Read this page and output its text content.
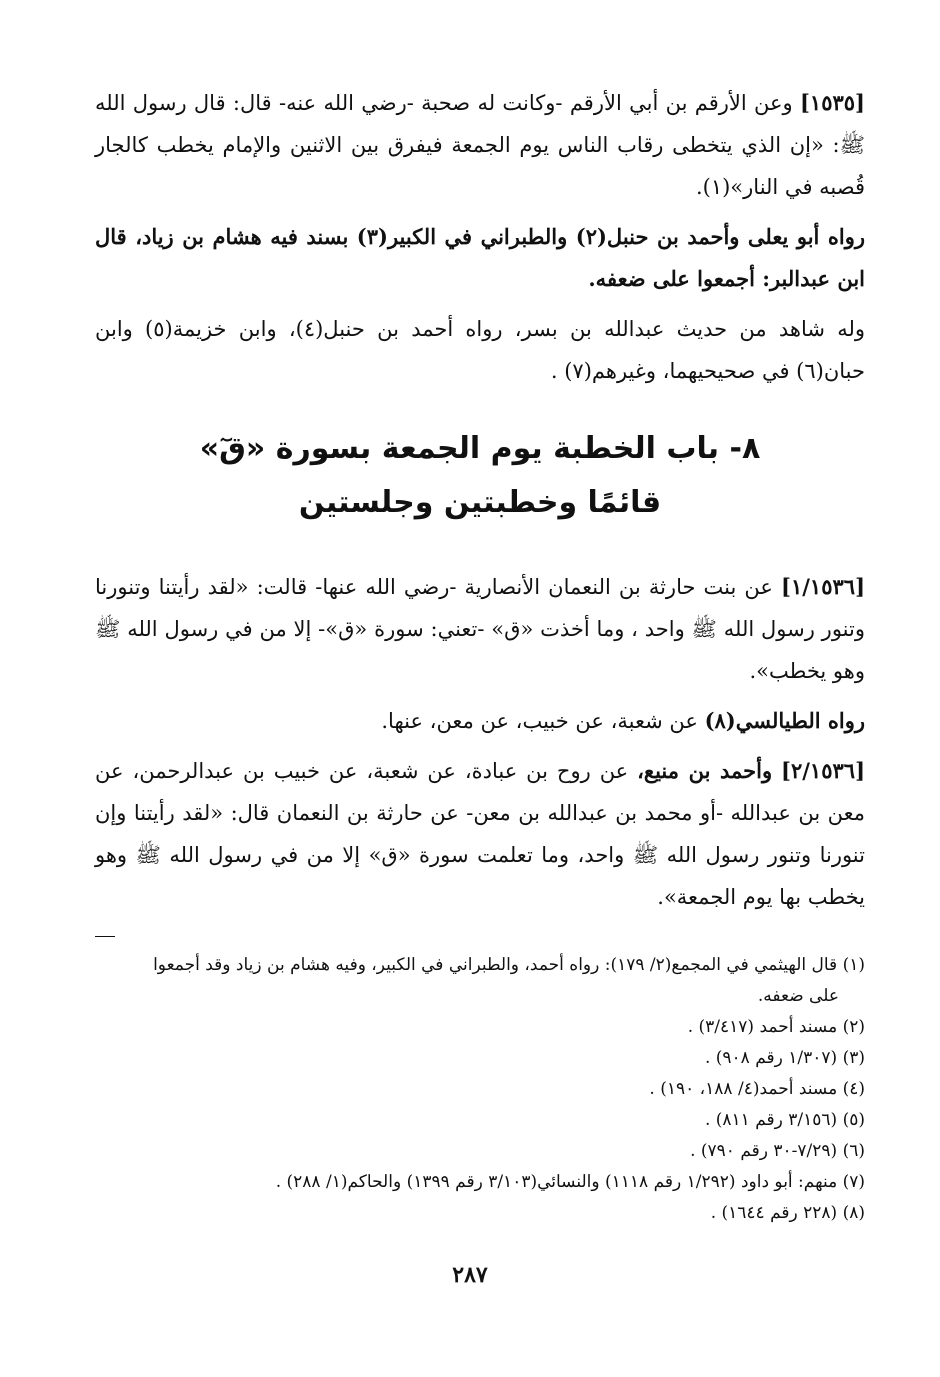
[١٥٣٥] وعن الأرقم بن أبي الأرقم -وكانت له صحبة -رضي الله عنه- قال: قال رسول الله ﷺ: «إن الذي يتخطى رقاب الناس يوم الجمعة فيفرق بين الاثنين والإمام يخطب كالجار قُصبه في النار»(١).

رواه أبو يعلى وأحمد بن حنبل(٢) والطبراني في الكبير(٣) بسند فيه هشام بن زياد، قال ابن عبدالبر: أجمعوا على ضعفه.

وله شاهد من حديث عبدالله بن بسر، رواه أحمد بن حنبل(٤)، وابن خزيمة(٥) وابن حبان(٦) في صحيحيهما، وغيرهم(٧) .

٨- باب الخطبة يوم الجمعة بسورة «قٓ»
قائمًا وخطبتين وجلستين

[١/١٥٣٦] عن بنت حارثة بن النعمان الأنصارية -رضي الله عنها- قالت: «لقد رأيتنا وتنورنا وتنور رسول الله ﷺ واحد ، وما أخذت «ق» -تعني: سورة «ق»- إلا من في رسول الله ﷺ وهو يخطب».

رواه الطيالسي(٨) عن شعبة، عن خبيب، عن معن، عنها.

[٢/١٥٣٦] وأحمد بن منيع، عن روح بن عبادة، عن شعبة، عن خبيب بن عبدالرحمن، عن معن بن عبدالله -أو محمد بن عبدالله بن معن- عن حارثة بن النعمان قال: «لقد رأيتنا وإن تنورنا وتنور رسول الله ﷺ واحد، وما تعلمت سورة «ق» إلا من في رسول الله ﷺ وهو يخطب بها يوم الجمعة».

(١) قال الهيثمي في المجمع(٢/ ١٧٩): رواه أحمد، والطبراني في الكبير، وفيه هشام بن زياد وقد أجمعوا
على ضعفه.
(٢) مسند أحمد (٣/٤١٧) .
(٣) (١/٣٠٧ رقم ٩٠٨) .
(٤) مسند أحمد(٤/ ١٨٨، ١٩٠) .
(٥) (٣/١٥٦ رقم ٨١١) .
(٦) (٧/٢٩-٣٠ رقم ٧٩٠) .
(٧) منهم: أبو داود (١/٢٩٢ رقم ١١١٨) والنسائي(٣/١٠٣ رقم ١٣٩٩) والحاكم(١/ ٢٨٨) .
(٨) (٢٢٨ رقم ١٦٤٤) .
٢٨٧
